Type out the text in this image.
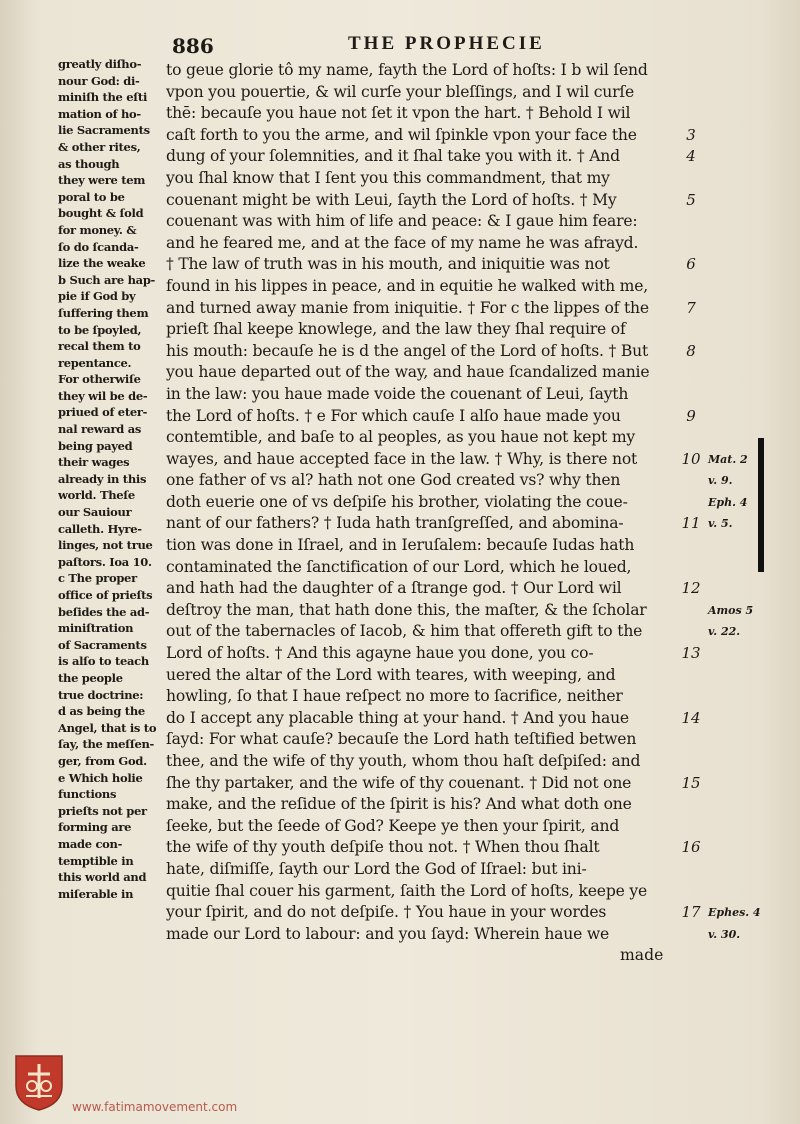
886	THE PROPHECIE
greatly diſho-
nour God: di-
miniſh the eſti
mation of ho-
lie Sacraments
& other rites,
as though
they were tem
poral to be
bought & ſold
for money. &
ſo do ſcanda-
lize the weake
b Such are hap-
pie if God by
ſuffering them
to be ſpoyled,
recal them to
repentance.
For otherwiſe
they wil be de-
priued of eter-
nal reward as
being payed
their wages
already in this
world. Theſe
our Sauiour
calleth. Hyre-
linges, not true
paſtors. Ioa 10.
c The proper
office of prieſts
beſides the ad-
miniſtration
of Sacraments
is alſo to teach
the people
true doctrine:
d as being the
Angel, that is to
ſay, the meſſen-
ger, from God.
e Which holie
functions
prieſts not per
forming are
made con-
temptible in
this world and
miſerable in
to geue glorie tô my name, fayth the Lord of hoſts: I b wil ſend
vpon you pouertie, & wil curſe your bleſſings, and I wil curſe
thē: becauſe you haue not ſet it vpon the hart. † Behold I wil
caſt forth to you the arme, and wil ſpinkle vpon your face the
dung of your ſolemnities, and it ſhal take you with it. † And
you ſhal know that I ſent you this commandment, that my
couenant might be with Leui, ſayth the Lord of hoſts. † My
couenant was with him of life and peace: & I gaue him feare:
and he feared me, and at the face of my name he was afrayd.
† The law of truth was in his mouth, and iniquitie was not
found in his lippes in peace, and in equitie he walked with me,
and turned away manie from iniquitie. † For c the lippes of the
prieſt ſhal keepe knowlege, and the law they ſhal require of
his mouth: becauſe he is d the angel of the Lord of hoſts. † But
you haue departed out of the way, and haue ſcandalized manie
in the law: you haue made voide the couenant of Leui, ſayth
the Lord of hoſts. † e For which cauſe I alſo haue made you
contemtible, and baſe to al peoples, as you haue not kept my
wayes, and haue accepted face in the law. † Why, is there not
one father of vs al? hath not one God created vs? why then
doth euerie one of vs deſpiſe his brother, violating the coue-
nant of our fathers? † Iuda hath tranſgreſſed, and abomina-
tion was done in Iſrael, and in Ieruſalem: becauſe Iudas hath
contaminated the ſanctification of our Lord, which he loued,
and hath had the daughter of a ſtrange god. † Our Lord wil
deſtroy the man, that hath done this, the maſter, & the ſcholar
out of the tabernacles of Iacob, & him that offereth gift to the
Lord of hoſts. † And this agayne haue you done, you co-
uered the altar of the Lord with teares, with weeping, and
howling, ſo that I haue reſpect no more to ſacrifice, neither
do I accept any placable thing at your hand. † And you haue
ſayd: For what cauſe? becauſe the Lord hath teſtified betwen
thee, and the wife of thy youth, whom thou haſt deſpiſed: and
ſhe thy partaker, and the wife of thy couenant. † Did not one
make, and the reſidue of the ſpirit is his? And what doth one
ſeeke, but the ſeede of God? Keepe ye then your ſpirit, and
the wife of thy youth deſpiſe thou not. † When thou ſhalt
hate, diſmiſſe, ſayth our Lord the God of Iſrael: but ini-
quitie ſhal couer his garment, ſaith the Lord of hoſts, keepe ye
your ſpirit, and do not deſpiſe. † You haue in your wordes
made our Lord to labour: and you ſayd: Wherein haue we
3
4
5
6
7
8
9
10
11
12
13
14
15
16
17
Mat. 2
v. 9.
Eph. 4
v. 5.
Amos 5
v. 22.
Ephes. 4
v. 30.
made
www.fatimamovement.com
